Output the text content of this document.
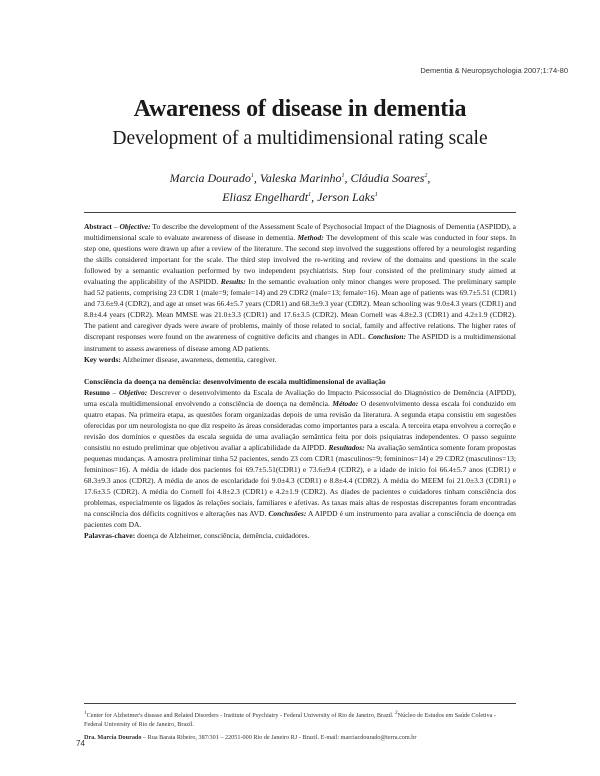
Dementia & Neuropsychologia 2007;1:74-80
Awareness of disease in dementia
Development of a multidimensional rating scale
Marcia Dourado$^1$, Valeska Marinho$^1$, Cláudia Soares$^2$,
Eliasz Engelhardt$^1$, Jerson Laks$^1$

Abstract – Objective: To describe the development of the Assessment Scale of Psychosocial Impact of the Diagnosis of Dementia (ASPIDD), a multidimensional scale to evaluate awareness of disease in dementia. Method: The development of this scale was conducted in four steps. In step one, questions were drawn up after a review of the literature. The second step involved the suggestions offered by a neurologist regarding the skills considered important for the scale. The third step involved the re-writing and review of the domains and questions in the scale followed by a semantic evaluation performed by two independent psychiatrists. Step four consisted of the preliminary study aimed at evaluating the applicability of the ASPIDD. Results: In the semantic evaluation only minor changes were proposed. The preliminary sample had 52 patients, comprising 23 CDR 1 (male=9; female=14) and 29 CDR2 (male=13; female=16). Mean age of patients was 69.7±5.51 (CDR1) and 73.6±9.4 (CDR2), and age at onset was 66.4±5.7 years (CDR1) and 68.3±9.3 year (CDR2). Mean schooling was 9.0±4.3 years (CDR1) and 8.8±4.4 years (CDR2). Mean MMSE was 21.0±3.3 (CDR1) and 17.6±3.5 (CDR2). Mean Cornell was 4.8±2.3 (CDR1) and 4.2±1.9 (CDR2). The patient and caregiver dyads were aware of problems, mainly of those related to social, family and affective relations. The higher rates of discrepant responses were found on the awareness of cognitive deficits and changes in ADL. Conclusion: The ASPIDD is a multidimensional instrument to assess awareness of disease among AD patients.

Key words: Alzheimer disease, awareness, dementia, caregiver.

Consciência da doença na demência: desenvolvimento de escala multidimensional de avaliação

Resumo – Objetivo: Descrever o desenvolvimento da Escala de Avaliação do Impacto Psicossocial do Diagnóstico de Demência (AIPDD), uma escala multidimensional envolvendo a consciência de doença na demência. Método: O desenvolvimento dessa escala foi conduzido em quatro etapas. Na primeira etapa, as questões foram organizadas depois de uma revisão da literatura. A segunda etapa consistiu em sugestões oferecidas por um neurologista no que diz respeito às áreas consideradas como importantes para a escala. A terceira etapa envolveu a correção e revisão dos domínios e questões da escala seguida de uma avaliação semântica feita por dois psiquiatras independentes. O passo seguinte consistiu no estudo preliminar que objetivou avaliar a aplicabilidade da AIPDD. Resultados: Na avaliação semântica somente foram propostas pequenas mudanças. A amostra preliminar tinha 52 pacientes, sendo 23 com CDR1 (masculinos=9; femininos=14) e 29 CDR2 (masculinos=13; femininos=16). A média de idade dos pacientes foi 69.7±5.51(CDR1) e 73.6±9.4 (CDR2), e a idade de início foi 66.4±5.7 anos (CDR1) e 68.3±9.3 anos (CDR2). A média de anos de escolaridade foi 9.0±4.3 (CDR1) e 8.8±4.4 (CDR2). A média do MEEM foi 21.0±3.3 (CDR1) e 17.6±3.5 (CDR2). A média do Cornell foi 4.8±2.3 (CDR1) e 4.2±1.9 (CDR2). As díades de pacientes e cuidadores tinham consciência dos problemas, especialmente os ligados às relações sociais, familiares e afetivas. As taxas mais altas de respostas discrepantes foram encontradas na consciência dos déficits cognitivos e alterações nas AVD. Conclusões: A AIPDD é um instrumento para avaliar a consciência de doença em pacientes com DA.

Palavras-chave: doença de Alzheimer, consciência, demência, cuidadores.

$^1$Center for Alzheimer's disease and Related Disorders - Institute of Psychiatry - Federal University of Rio de Janeiro, Brazil. $^2$Núcleo de Estudos em Saúde Coletiva - Federal University of Rio de Janeiro, Brazil.

Dra. Marcia Dourado – Rua Barata Ribeiro, 387/301 – 22051-000 Rio de Janeiro RJ - Brazil. E-mail: marciacdourado@terra.com.br

74
